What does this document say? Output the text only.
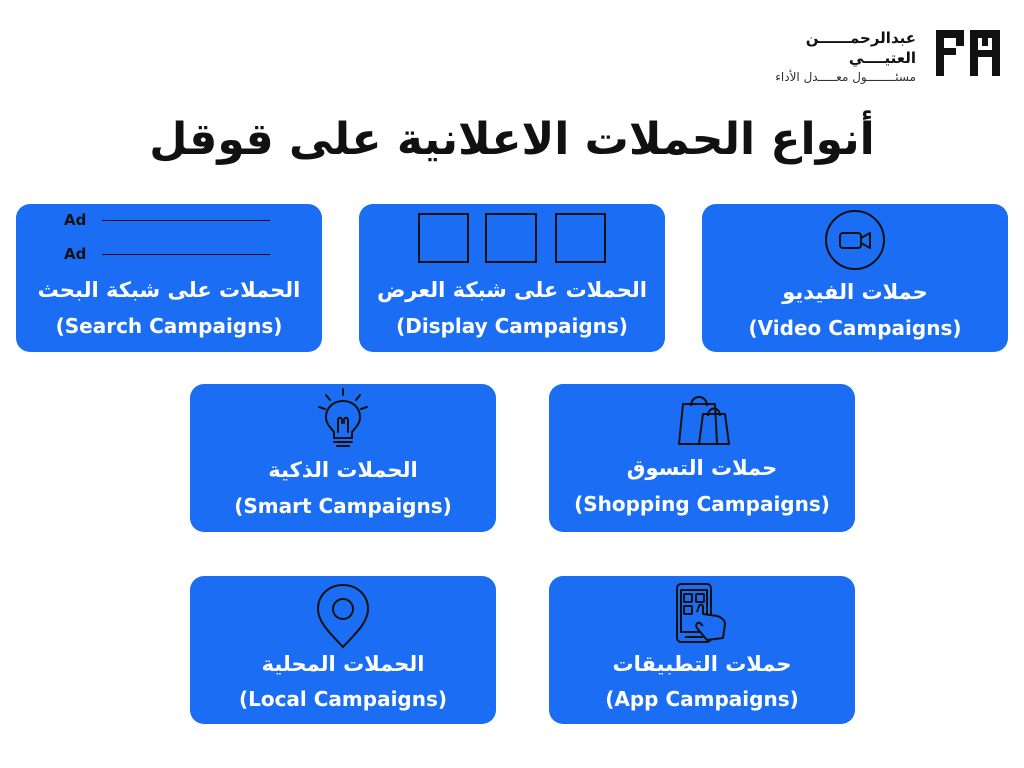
عبدالرحمــــــن العتيــــي
مسئــــــــول معـــــدل الأداء
أنواع الحملات الاعلانية على قوقل
Ad
Ad
الحملات على شبكة البحث
(Search Campaigns)
الحملات على شبكة العرض
(Display Campaigns)
حملات الفيديو
(Video Campaigns)
الحملات الذكية
(Smart Campaigns)
حملات التسوق
(Shopping Campaigns)
الحملات المحلية
(Local Campaigns)
حملات التطبيقات
(App Campaigns)
